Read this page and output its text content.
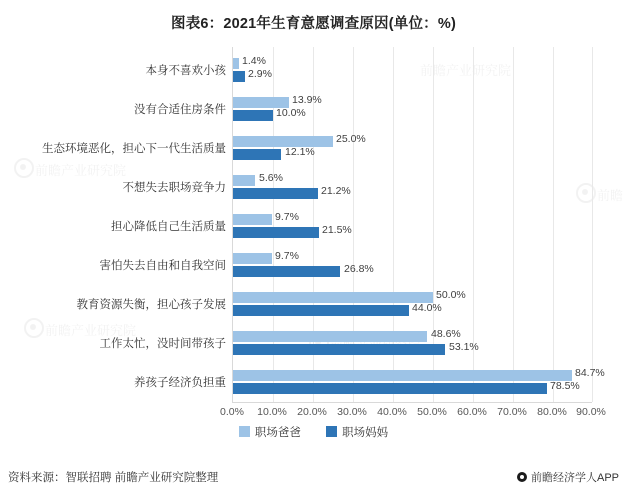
前瞻产业研究院
前瞻产业研究院
前瞻产业研究院
前瞻
图表6：2021年生育意愿调查原因(单位：%)
1.4%
2.9%
13.9%
10.0%
25.0%
12.1%
5.6%
21.2%
9.7%
21.5%
9.7%
26.8%
50.0%
44.0%
48.6%
53.1%
84.7%
78.5%
0.0% 10.0% 20.0% 30.0% 40.0% 50.0% 60.0% 70.0% 80.0% 90.0%
本身不喜欢小孩
没有合适住房条件
生态环境恶化，担心下一代生活质量
不想失去职场竞争力
担心降低自己生活质量
害怕失去自由和自我空间
教育资源失衡，担心孩子发展
工作太忙，没时间带孩子
养孩子经济负担重
职场爸爸	职场妈妈
资料来源：智联招聘 前瞻产业研究院整理	前瞻经济学人APP
